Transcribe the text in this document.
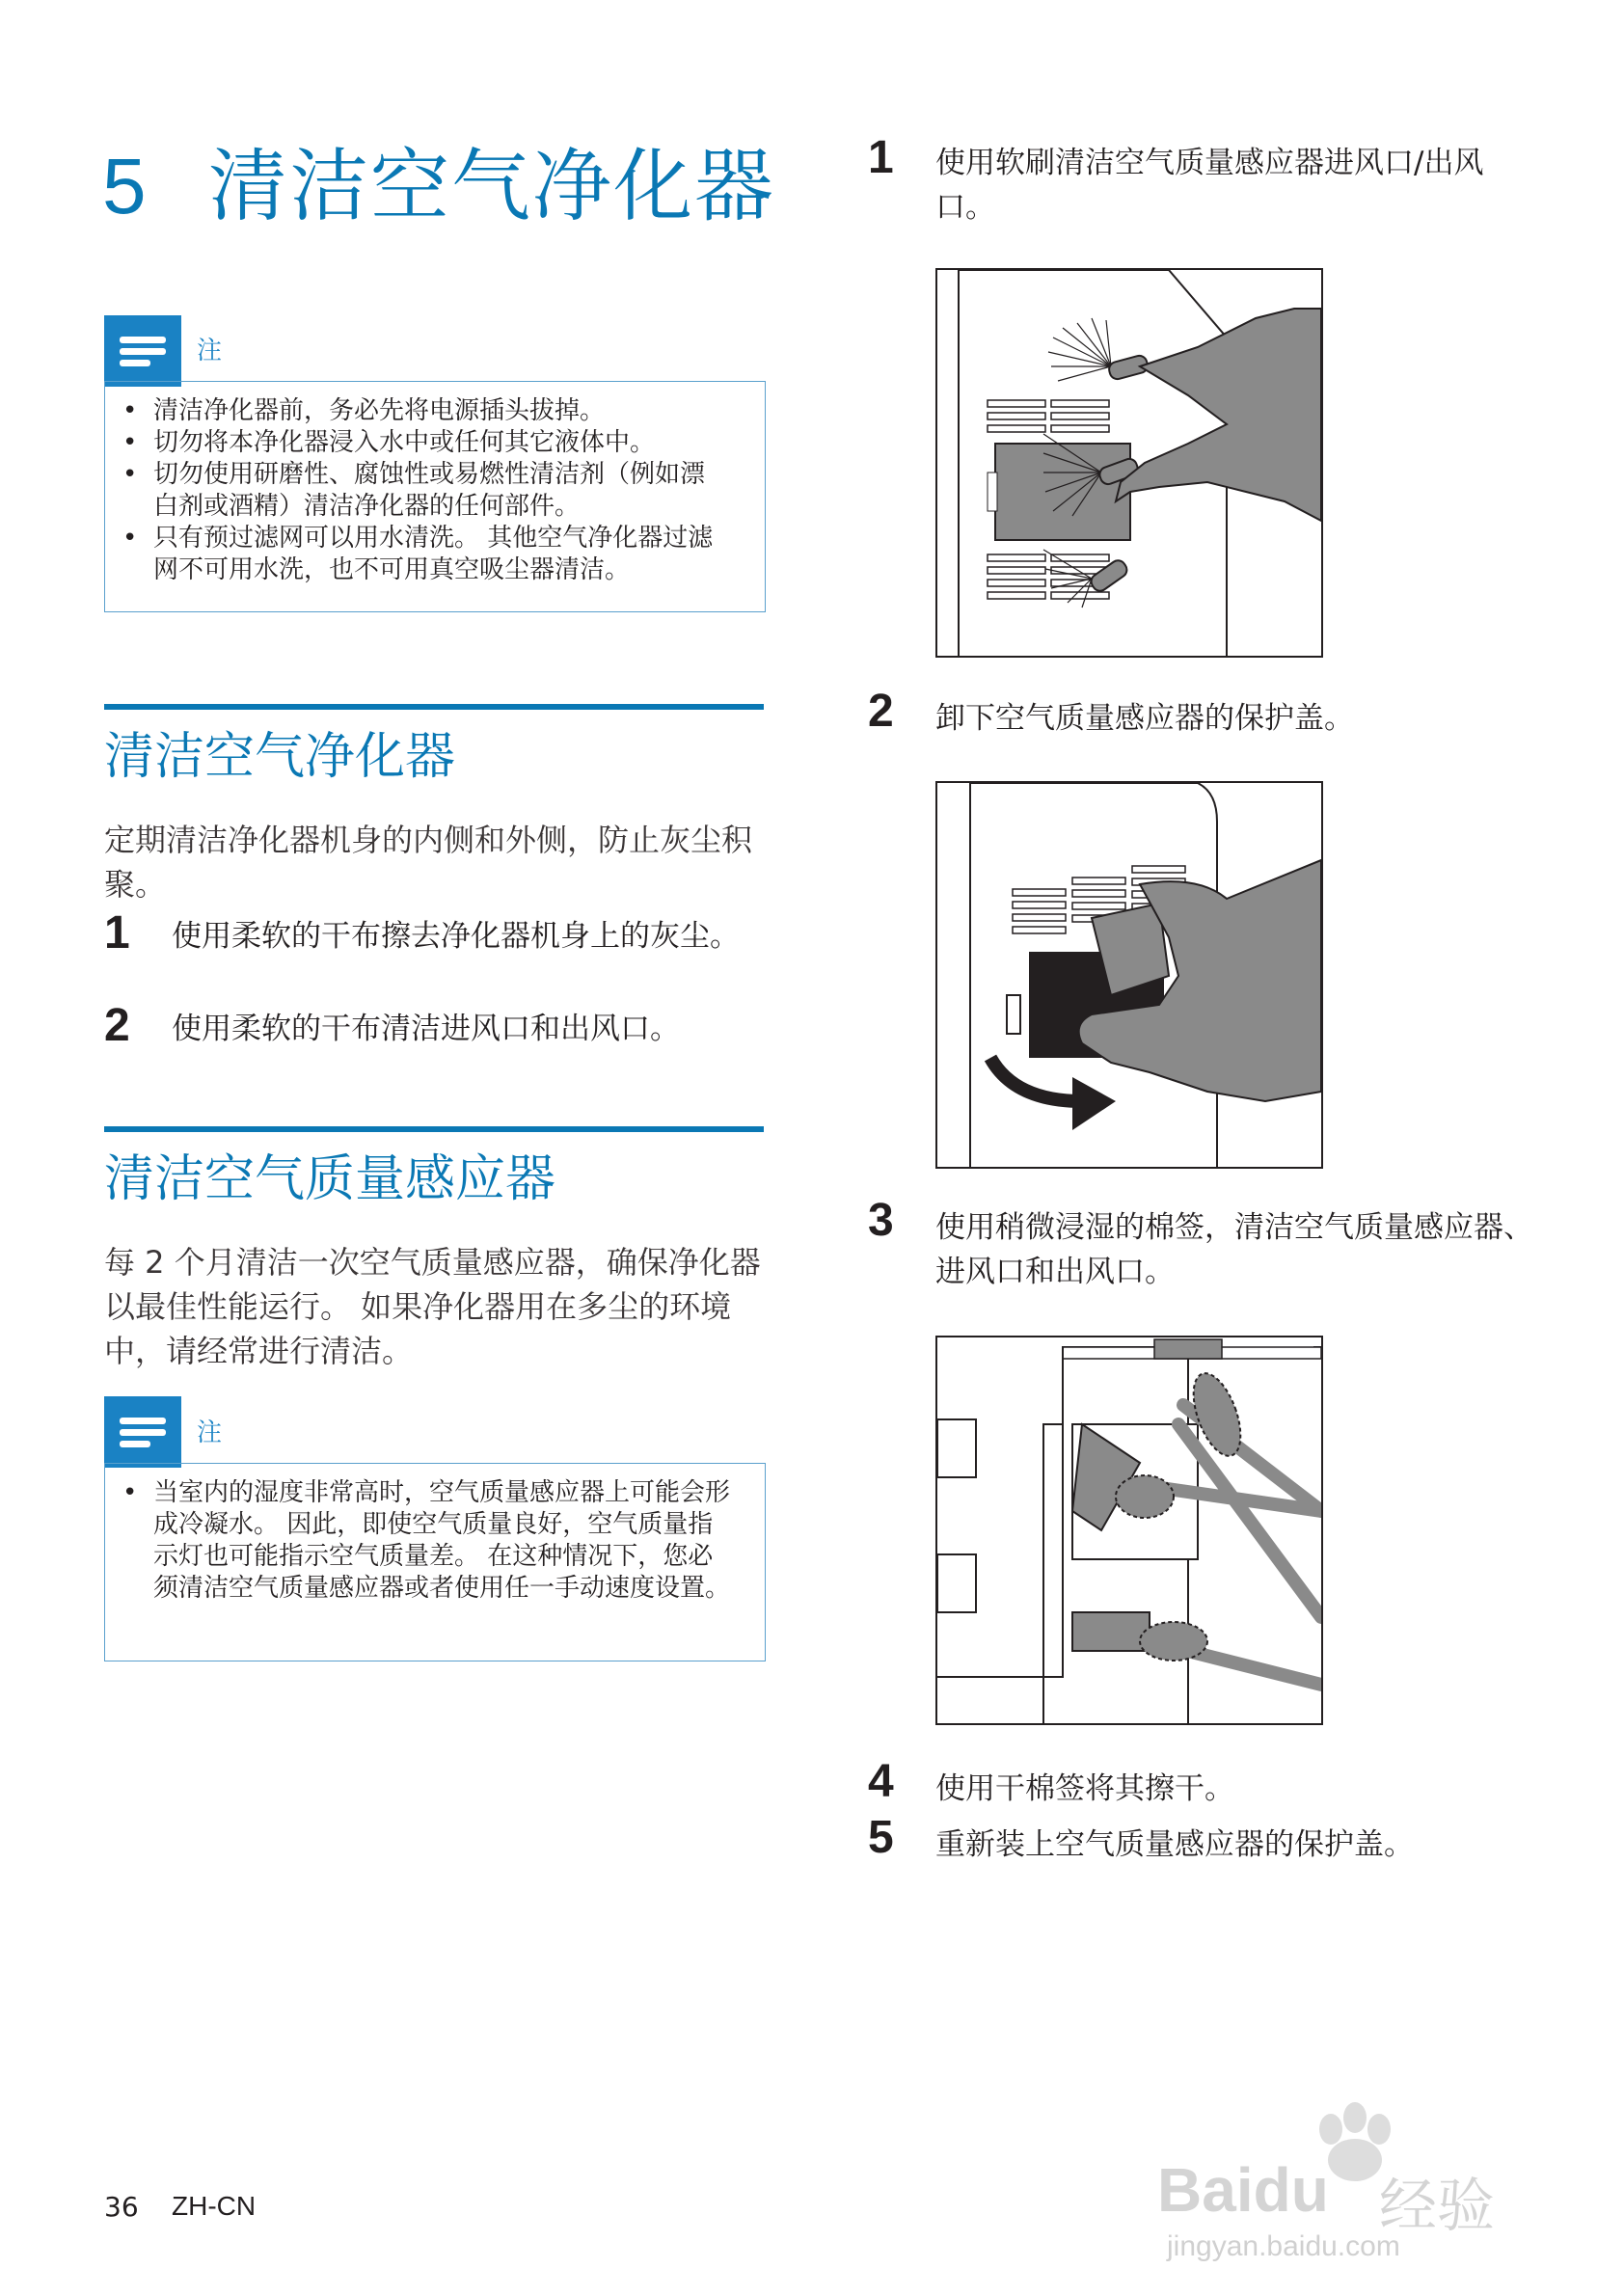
5 清洁空气净化器
注
• 清洁净化器前，务必先将电源插头拔掉。
• 切勿将本净化器浸入水中或任何其它液体中。
• 切勿使用研磨性、腐蚀性或易燃性清洁剂（例如漂白剂或酒精）清洁净化器的任何部件。
• 只有预过滤网可以用水清洗。 其他空气净化器过滤网不可用水洗，也不可用真空吸尘器清洁。
清洁空气净化器
定期清洁净化器机身的内侧和外侧，防止灰尘积聚。
1 使用柔软的干布擦去净化器机身上的灰尘。
2 使用柔软的干布清洁进风口和出风口。
清洁空气质量感应器
每 2 个月清洁一次空气质量感应器，确保净化器以最佳性能运行。 如果净化器用在多尘的环境中，请经常进行清洁。
注
• 当室内的湿度非常高时，空气质量感应器上可能会形成冷凝水。 因此，即使空气质量良好，空气质量指示灯也可能指示空气质量差。 在这种情况下，您必须清洁空气质量感应器或者使用任一手动速度设置。
1 使用软刷清洁空气质量感应器进风口/出风口。
2 卸下空气质量感应器的保护盖。
3 使用稍微浸湿的棉签，清洁空气质量感应器、进风口和出风口。
4 使用干棉签将其擦干。
5 重新装上空气质量感应器的保护盖。
36 ZH-CN	Baidu 经验
jingyan.baidu.com
